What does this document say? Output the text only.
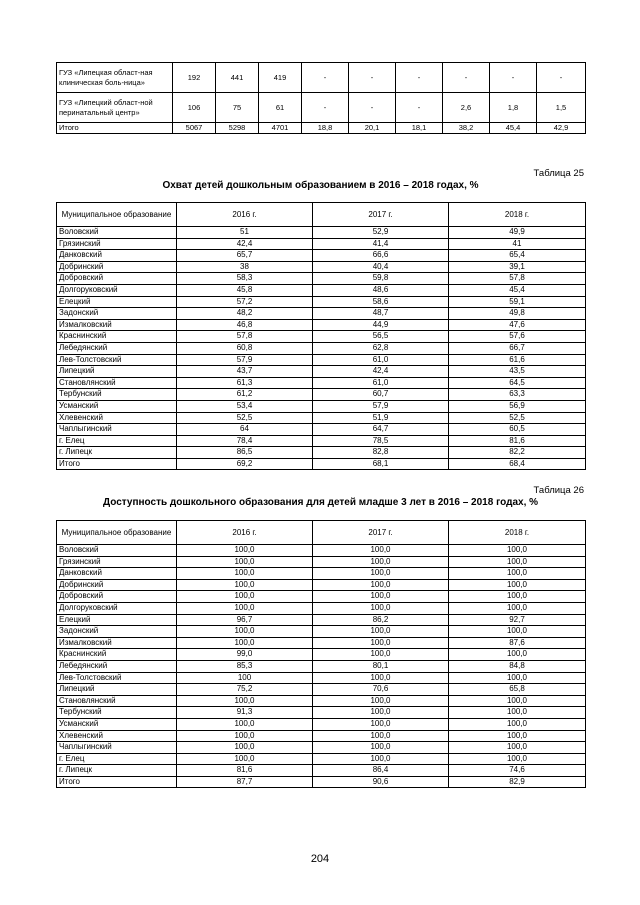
ГУЗ «Липецкая област-ная клиническая боль-ница»	192	441	419	-	-	-	-	-	-
ГУЗ «Липецкий област-ной перинатальный центр»	106	75	61	-	-	-	2,6	1,8	1,5
Итого	5067	5298	4701	18,8	20,1	18,1	38,2	45,4	42,9
Таблица 25
Охват детей дошкольным образованием в 2016 – 2018 годах, %
Муниципальное образование	2016 г.	2017 г.	2018 г.
Воловский	51	52,9	49,9
Грязинский	42,4	41,4	41
Данковский	65,7	66,6	65,4
Добринский	38	40,4	39,1
Добровский	58,3	59,8	57,8
Долгоруковский	45,8	48,6	45,4
Елецкий	57,2	58,6	59,1
Задонский	48,2	48,7	49,8
Измалковский	46,8	44,9	47,6
Краснинский	57,8	56,5	57,6
Лебедянский	60,8	62,8	66,7
Лев-Толстовский	57,9	61,0	61,6
Липецкий	43,7	42,4	43,5
Становлянский	61,3	61,0	64,5
Тербунский	61,2	60,7	63,3
Усманский	53,4	57,9	56,9
Хлевенский	52,5	51,9	52,5
Чаплыгинский	64	64,7	60,5
г. Елец	78,4	78,5	81,6
г. Липецк	86,5	82,8	82,2
Итого	69,2	68,1	68,4
Таблица 26
Доступность дошкольного образования для детей младше 3 лет в 2016 – 2018 годах, %
Муниципальное образование	2016 г.	2017 г.	2018 г.
Воловский	100,0	100,0	100,0
Грязинский	100,0	100,0	100,0
Данковский	100,0	100,0	100,0
Добринский	100,0	100,0	100,0
Добровский	100,0	100,0	100,0
Долгоруковский	100,0	100,0	100,0
Елецкий	96,7	86,2	92,7
Задонский	100,0	100,0	100,0
Измалковский	100,0	100,0	87,6
Краснинский	99,0	100,0	100,0
Лебедянский	85,3	80,1	84,8
Лев-Толстовский	100	100,0	100,0
Липецкий	75,2	70,6	65,8
Становлянский	100,0	100,0	100,0
Тербунский	91,3	100,0	100,0
Усманский	100,0	100,0	100,0
Хлевенский	100,0	100,0	100,0
Чаплыгинский	100,0	100,0	100,0
г. Елец	100,0	100,0	100,0
г. Липецк	81,6	86,4	74,6
Итого	87,7	90,6	82,9
204
